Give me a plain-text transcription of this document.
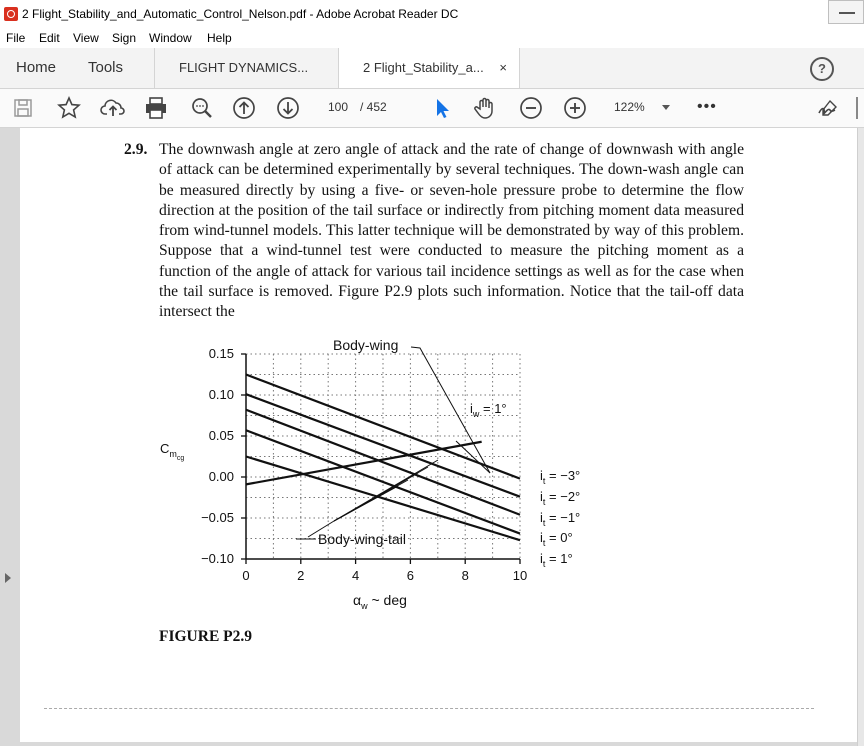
2 Flight_Stability_and_Automatic_Control_Nelson.pdf - Adobe Acrobat Reader DC
File Edit View Sign Window Help
Home Tools	FLIGHT DYNAMICS...	2 Flight_Stability_a... ×	?
100 / 452	122%	•••
2.9. The downwash angle at zero angle of attack and the rate of change of downwash with angle of attack can be determined experimentally by several techniques. The down-wash angle can be measured directly by using a five- or seven-hole pressure probe to determine the flow direction at the position of the tail surface or indirectly from pitching moment data measured from wind-tunnel models. This latter technique will be demonstrated by way of this problem. Suppose that a wind-tunnel test were conducted to measure the pitching moment as a function of the angle of attack for various tail incidence settings as well as for the case when the tail surface is removed. Figure P2.9 plots such information. Notice that the tail-off data intersect the
0.15
0.10
0.05
0.00
−0.05
−0.10
0	2	4	6	8	10
$i_t = -3^\circ$
$i_t = -2^\circ$
$i_t = -1^\circ$
$i_t = 0^\circ$
$i_t = 1^\circ$
$C_{mcg}$
$\alpha_w$ ~ deg
Body-wing
$i_w = 1^\circ$
Body-wing-tail
FIGURE P2.9
